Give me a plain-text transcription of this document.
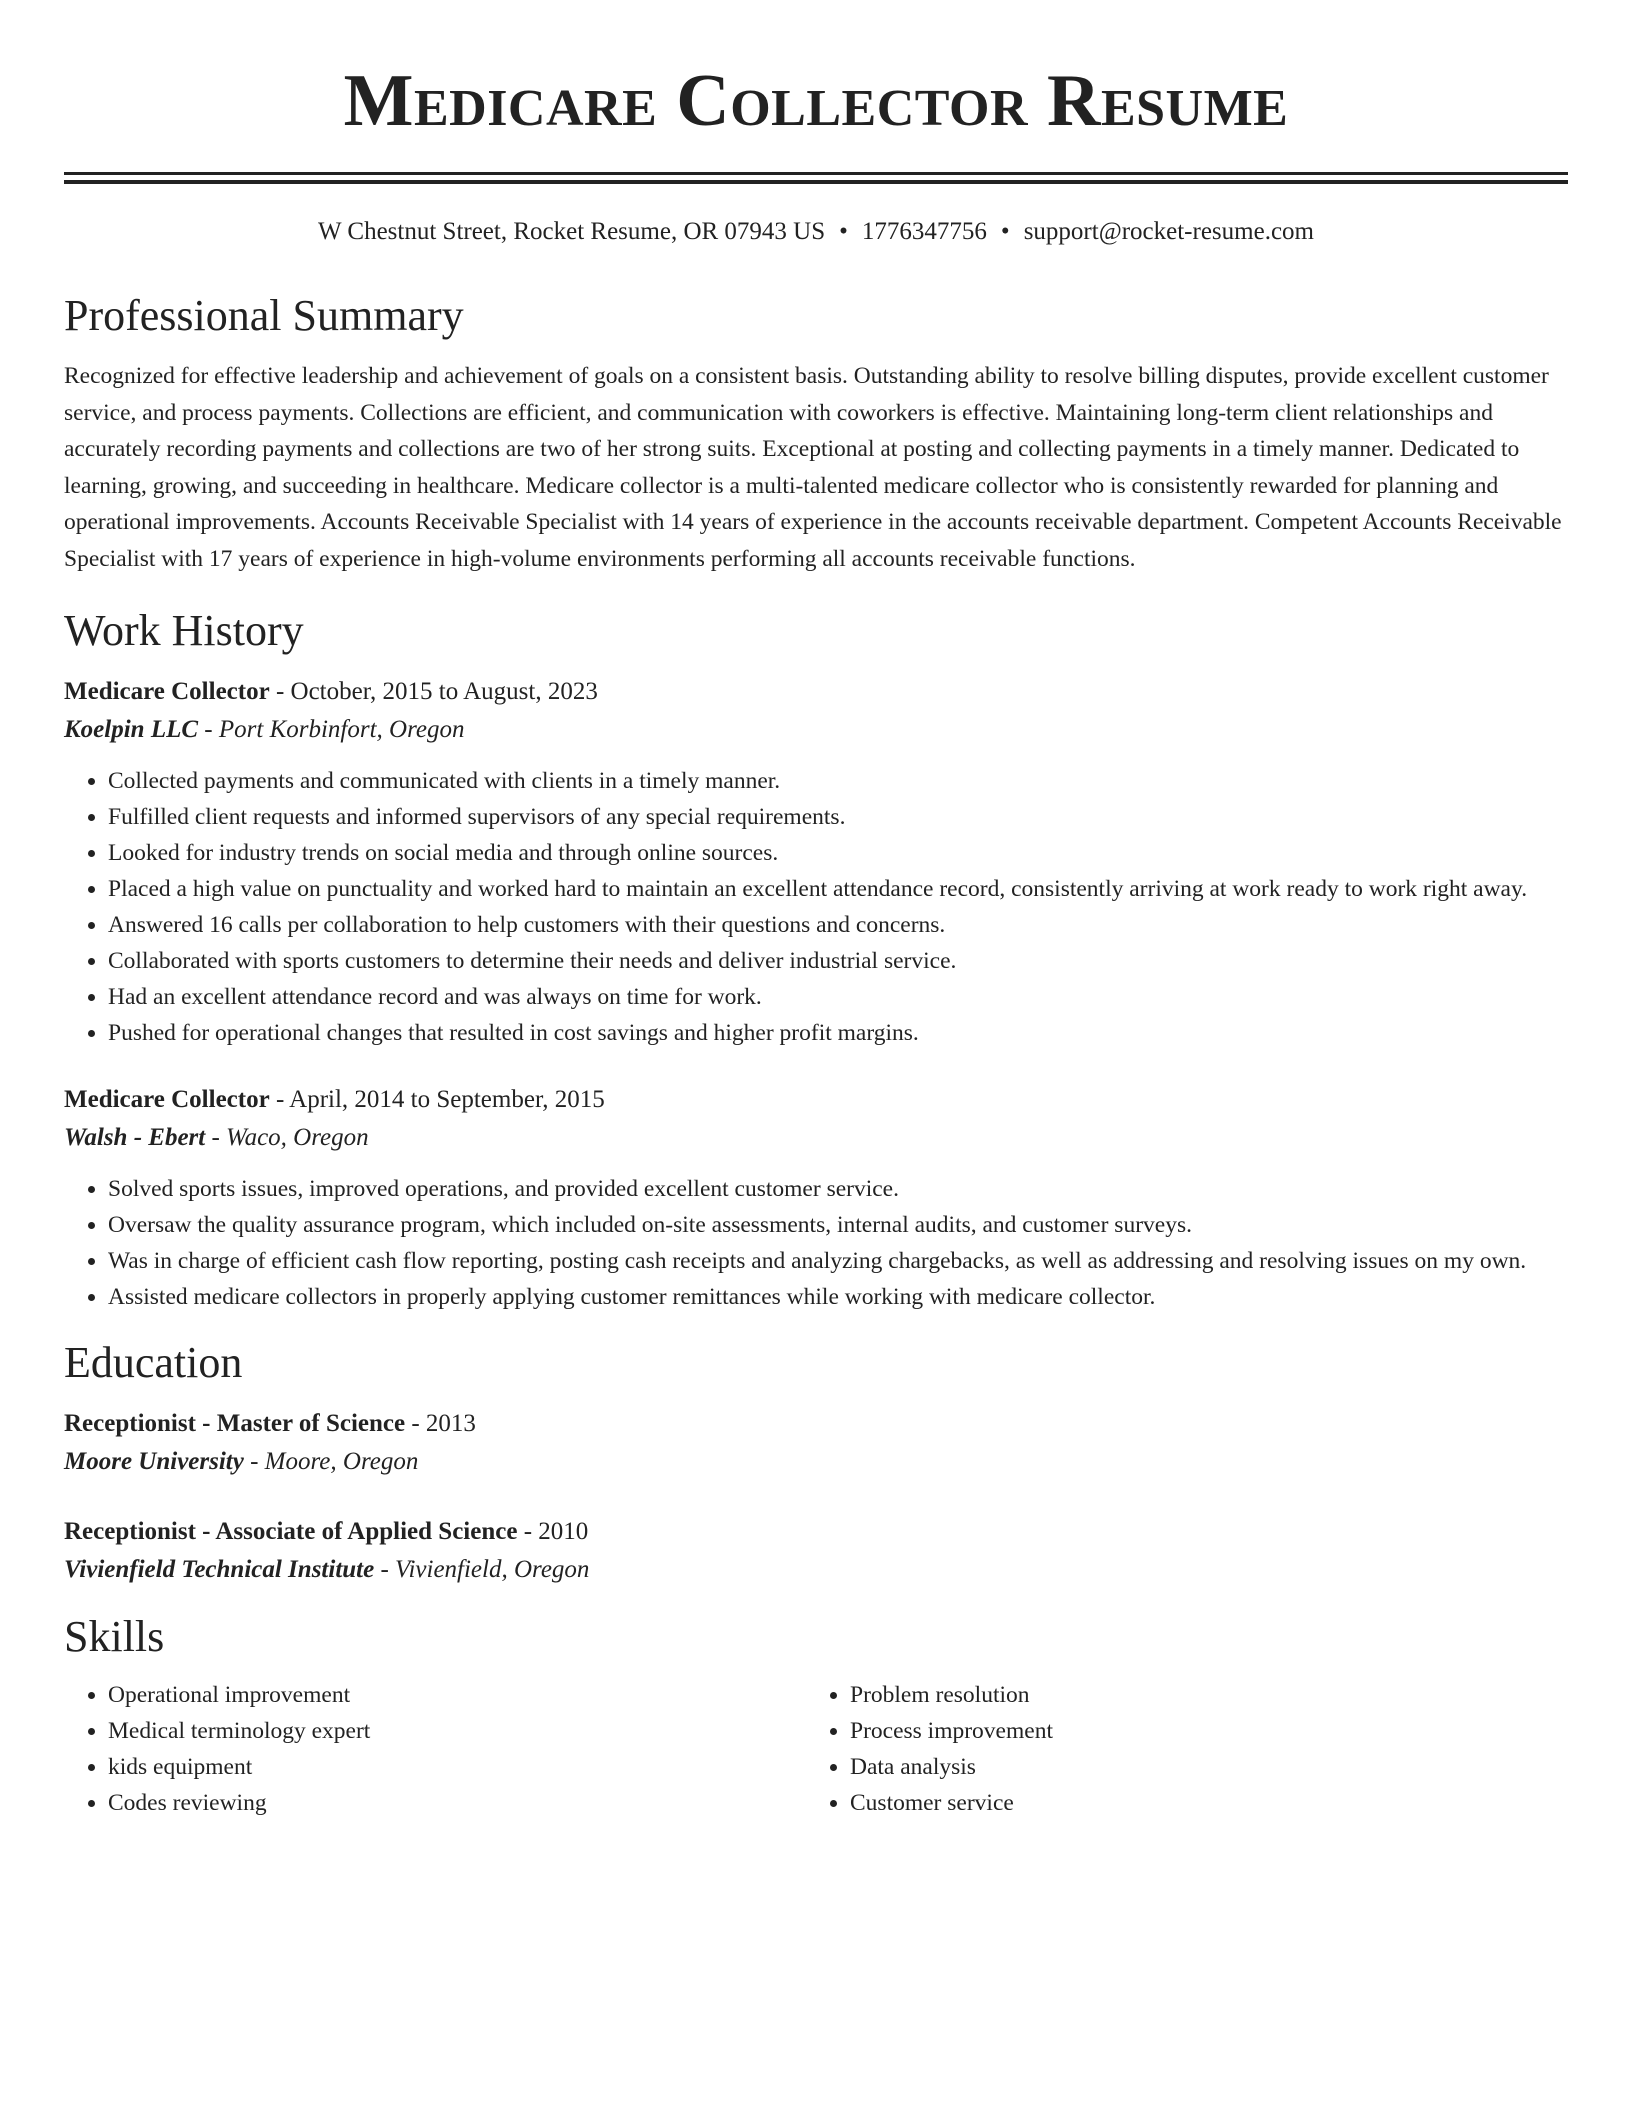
Medicare Collector Resume
W Chestnut Street, Rocket Resume, OR 07943 US • 1776347756 • support@rocket-resume.com
Professional Summary

Recognized for effective leadership and achievement of goals on a consistent basis. Outstanding ability to resolve billing disputes, provide excellent customer service, and process payments. Collections are efficient, and communication with coworkers is effective. Maintaining long-term client relationships and accurately recording payments and collections are two of her strong suits. Exceptional at posting and collecting payments in a timely manner. Dedicated to learning, growing, and succeeding in healthcare. Medicare collector is a multi-talented medicare collector who is consistently rewarded for planning and operational improvements. Accounts Receivable Specialist with 14 years of experience in the accounts receivable department. Competent Accounts Receivable Specialist with 17 years of experience in high-volume environments performing all accounts receivable functions.

Work History

Medicare Collector - October, 2015 to August, 2023

Koelpin LLC - Port Korbinfort, Oregon

• Collected payments and communicated with clients in a timely manner.
• Fulfilled client requests and informed supervisors of any special requirements.
• Looked for industry trends on social media and through online sources.
• Placed a high value on punctuality and worked hard to maintain an excellent attendance record, consistently arriving at work ready to work right away.
• Answered 16 calls per collaboration to help customers with their questions and concerns.
• Collaborated with sports customers to determine their needs and deliver industrial service.
• Had an excellent attendance record and was always on time for work.
• Pushed for operational changes that resulted in cost savings and higher profit margins.

Medicare Collector - April, 2014 to September, 2015

Walsh - Ebert - Waco, Oregon

• Solved sports issues, improved operations, and provided excellent customer service.
• Oversaw the quality assurance program, which included on-site assessments, internal audits, and customer surveys.
• Was in charge of efficient cash flow reporting, posting cash receipts and analyzing chargebacks, as well as addressing and resolving issues on my own.
• Assisted medicare collectors in properly applying customer remittances while working with medicare collector.
Education

Receptionist - Master of Science - 2013

Moore University - Moore, Oregon

Receptionist - Associate of Applied Science - 2010

Vivienfield Technical Institute - Vivienfield, Oregon

Skills
• Operational improvement
• Medical terminology expert
• kids equipment
• Codes reviewing
• Problem resolution
• Process improvement
• Data analysis
• Customer service
